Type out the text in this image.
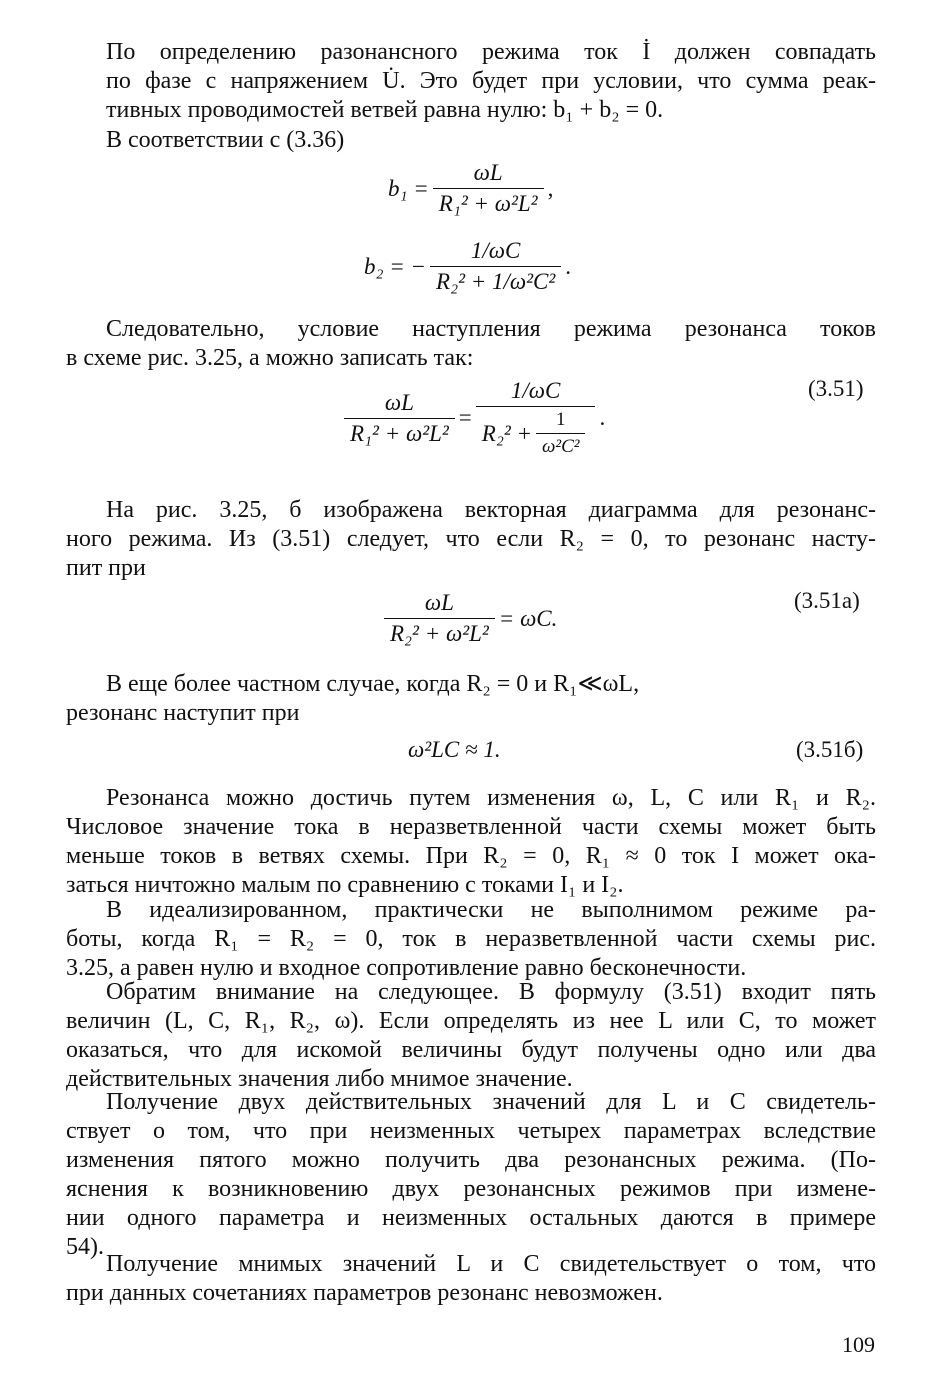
По определению разонансного режима ток İ должен совпадать
по фазе с напряжением U̇. Это будет при условии, что сумма реак-
тивных проводимостей ветвей равна нулю: b₁ + b₂ = 0.
В соответствии с (3.36)
$b_1 = \frac{\omega L}{\text{R₁² + ω²L²}}$ ,
b₂ = − $\frac{1/\omega C}{\text{R₂² + 1/ω²C²}}$ .
Следовательно, условие наступления режима резонанса токов
в схеме рис. 3.25, а можно записать так:
$\frac{\omega L}{\text{R₁² + ω²L²}} = \frac{1/\omega C}{R_2^2 + \frac{1}{\text{ω²C²}}}$ .
(3.51)
На рис. 3.25, б изображена векторная диаграмма для резонанс-
ного режима. Из (3.51) следует, что если R₂ = 0, то резонанс насту-
пит при
$\frac{\omega L}{\text{R₂² + ω²L²}} = \omega C$.
(3.51а)
В еще более частном случае, когда R₂ = 0 и R₁≪ωL,
резонанс наступит при
ω²LC ≈ 1.	(3.51б)
Резонанса можно достичь путем изменения ω, L, C или R₁ и R₂.
Числовое значение тока в неразветвленной части схемы может быть
меньше токов в ветвях схемы. При R₂ = 0, R₁ ≈ 0 ток I может ока-
заться ничтожно малым по сравнению с токами I₁ и I₂.
В идеализированном, практически не выполнимом режиме ра-
боты, когда R₁ = R₂ = 0, ток в неразветвленной части схемы рис.
3.25, а равен нулю и входное сопротивление равно бесконечности.
Обратим внимание на следующее. В формулу (3.51) входит пять
величин (L, C, R₁, R₂, ω). Если определять из нее L или C, то может
оказаться, что для искомой величины будут получены одно или два
действительных значения либо мнимое значение.
Получение двух действительных значений для L и C свидетель-
ствует о том, что при неизменных четырех параметрах вследствие
изменения пятого можно получить два резонансных режима. (По-
яснения к возникновению двух резонансных режимов при измене-
нии одного параметра и неизменных остальных даются в примере
54).
Получение мнимых значений L и C свидетельствует о том, что
при данных сочетаниях параметров резонанс невозможен.
109
